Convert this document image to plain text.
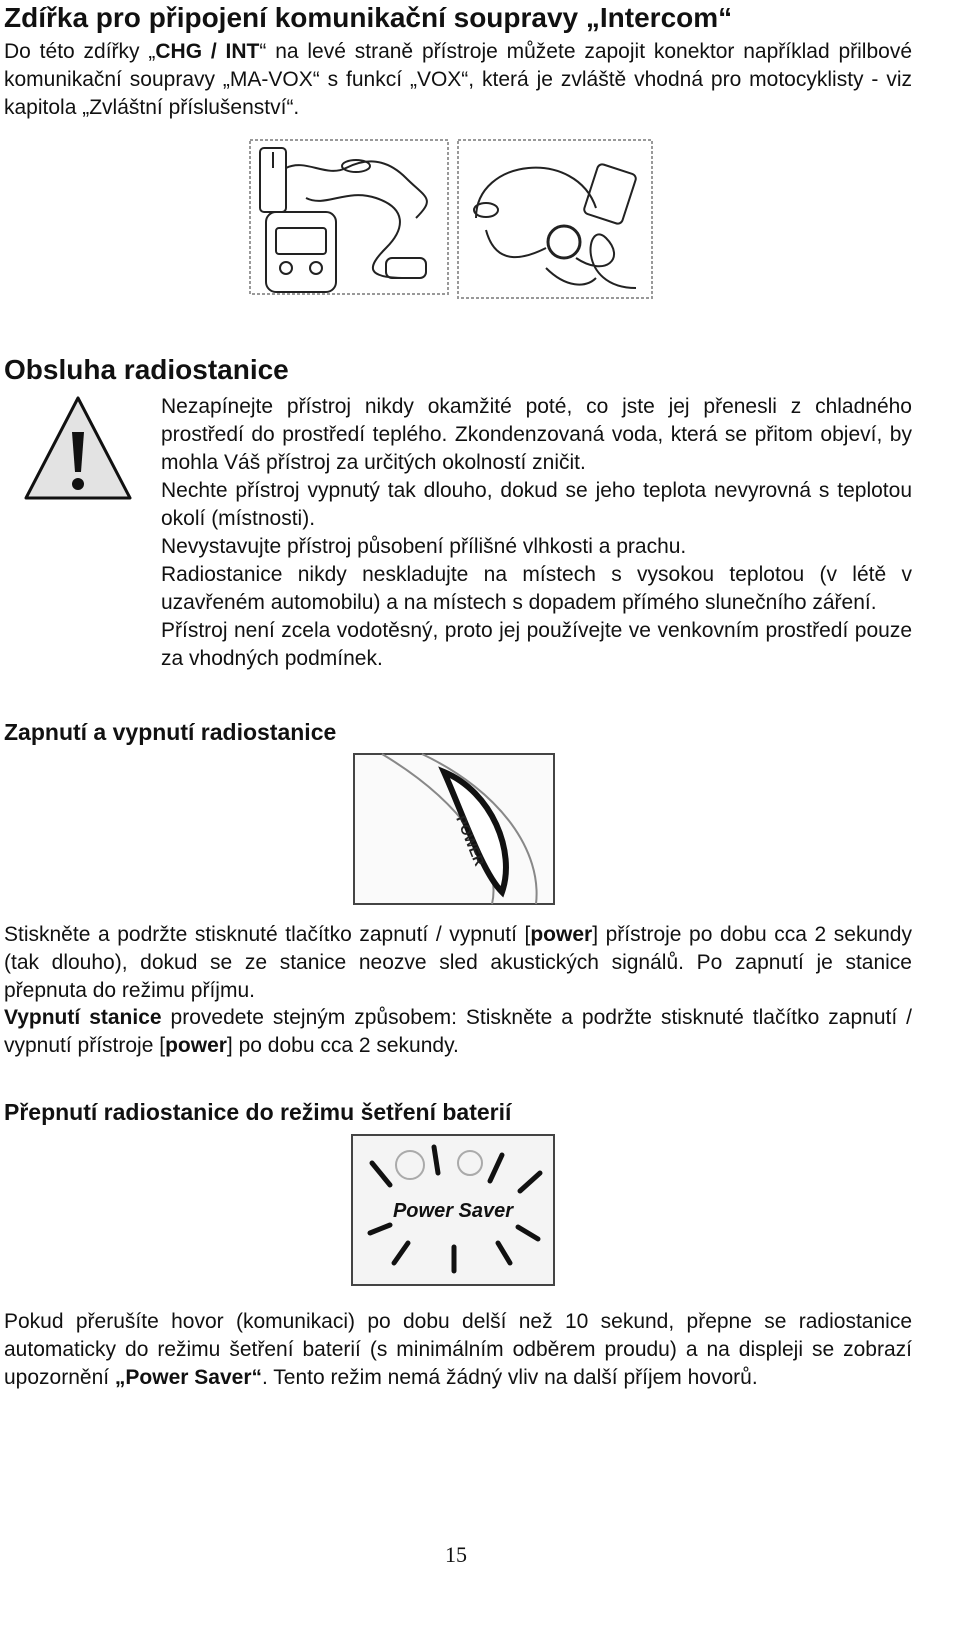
Zdířka pro připojení komunikační soupravy „Intercom“
Do této zdířky „CHG / INT“ na levé straně přístroje můžete zapojit konektor například přilbové komunikační soupravy „MA-VOX“ s funkcí „VOX“, která je zvláště vhodná pro motocyklisty - viz kapitola „Zvláštní příslušenství“.
Obsluha radiostanice
Nezapínejte přístroj nikdy okamžité poté, co jste jej přenesli z chladného prostředí do prostředí teplého. Zkondenzovaná voda, která se přitom objeví, by mohla Váš přístroj za určitých okolností zničit.
Nechte přístroj vypnutý tak dlouho, dokud se jeho teplota nevyrovná s teplotou okolí (místnosti).
Nevystavujte přístroj působení přílišné vlhkosti a prachu.
Radiostanice nikdy neskladujte na místech s vysokou teplotou (v létě v uzavřeném automobilu) a na místech s dopadem přímého slunečního záření.
Přístroj není zcela vodotěsný, proto jej používejte ve venkovním prostředí pouze za vhodných podmínek.
Zapnutí a vypnutí radiostanice
POWER
Stiskněte a podržte stisknuté tlačítko zapnutí / vypnutí [power] přístroje po dobu cca 2 sekundy (tak dlouho), dokud se ze stanice neozve sled akustických signálů. Po zapnutí je stanice přepnuta do režimu příjmu.
Vypnutí stanice provedete stejným způsobem: Stiskněte a podržte stisknuté tlačítko zapnutí / vypnutí přístroje [power] po dobu cca 2 sekundy.
Přepnutí radiostanice do režimu šetření baterií
Power Saver
Pokud přerušíte hovor (komunikaci) po dobu delší než 10 sekund, přepne se radiostanice automaticky do režimu šetření baterií (s minimálním odběrem proudu) a na displeji se zobrazí upozornění „Power Saver“. Tento režim nemá žádný vliv na další příjem hovorů.
15
